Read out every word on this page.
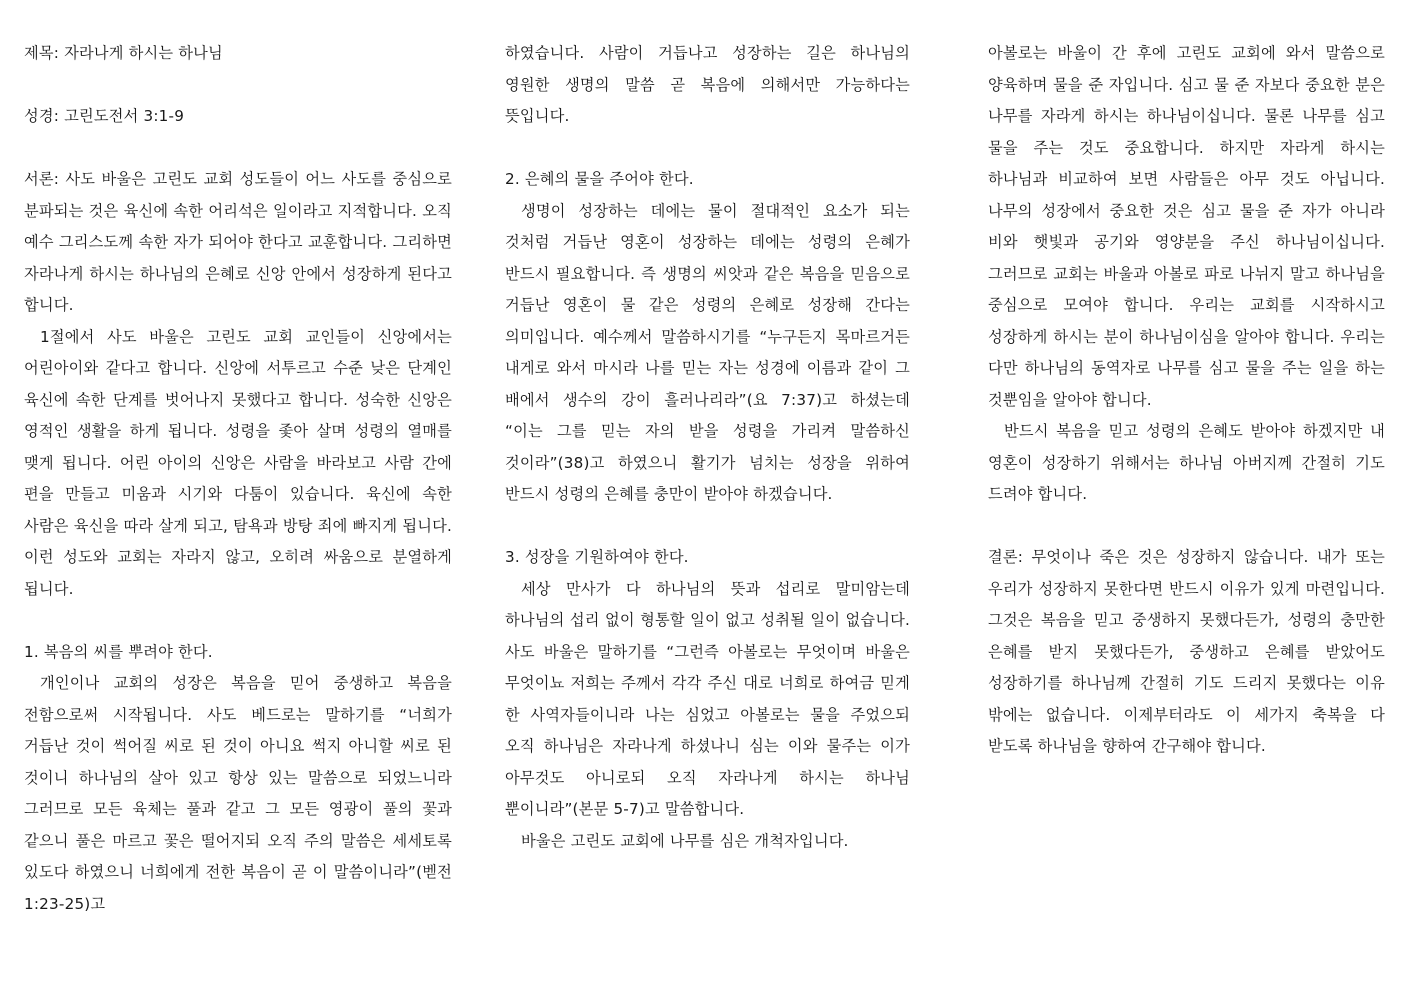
제목: 자라나게 하시는 하나님

성경: 고린도전서 3:1-9

서론: 사도 바울은 고린도 교회 성도들이 어느 사도를 중심으로 분파되는 것은 육신에 속한 어리석은 일이라고 지적합니다. 오직 예수 그리스도께 속한 자가 되어야 한다고 교훈합니다. 그리하면 자라나게 하시는 하나님의 은혜로 신앙 안에서 성장하게 된다고 합니다.

1절에서 사도 바울은 고린도 교회 교인들이 신앙에서는 어린아이와 같다고 합니다. 신앙에 서투르고 수준 낮은 단계인 육신에 속한 단계를 벗어나지 못했다고 합니다. 성숙한 신앙은 영적인 생활을 하게 됩니다. 성령을 좇아 살며 성령의 열매를 맺게 됩니다. 어린 아이의 신앙은 사람을 바라보고 사람 간에 편을 만들고 미움과 시기와 다툼이 있습니다. 육신에 속한 사람은 육신을 따라 살게 되고, 탐욕과 방탕 죄에 빠지게 됩니다. 이런 성도와 교회는 자라지 않고, 오히려 싸움으로 분열하게 됩니다.

1. 복음의 씨를 뿌려야 한다.

개인이나 교회의 성장은 복음을 믿어 중생하고 복음을 전함으로써 시작됩니다. 사도 베드로는 말하기를 “너희가 거듭난 것이 썩어질 씨로 된 것이 아니요 썩지 아니할 씨로 된 것이니 하나님의 살아 있고 항상 있는 말씀으로 되었느니라 그러므로 모든 육체는 풀과 같고 그 모든 영광이 풀의 꽃과 같으니 풀은 마르고 꽃은 떨어지되 오직 주의 말씀은 세세토록 있도다 하였으니 너희에게 전한 복음이 곧 이 말씀이니라”(벧전 1:23-25)고

하였습니다. 사람이 거듭나고 성장하는 길은 하나님의 영원한 생명의 말씀 곧 복음에 의해서만 가능하다는 뜻입니다.

2. 은혜의 물을 주어야 한다.

생명이 성장하는 데에는 물이 절대적인 요소가 되는 것처럼 거듭난 영혼이 성장하는 데에는 성령의 은혜가 반드시 필요합니다. 즉 생명의 씨앗과 같은 복음을 믿음으로 거듭난 영혼이 물 같은 성령의 은혜로 성장해 간다는 의미입니다. 예수께서 말씀하시기를 “누구든지 목마르거든 내게로 와서 마시라 나를 믿는 자는 성경에 이름과 같이 그 배에서 생수의 강이 흘러나리라”(요 7:37)고 하셨는데 “이는 그를 믿는 자의 받을 성령을 가리켜 말씀하신 것이라”(38)고 하였으니 활기가 넘치는 성장을 위하여 반드시 성령의 은혜를 충만이 받아야 하겠습니다.

3. 성장을 기원하여야 한다.

세상 만사가 다 하나님의 뜻과 섭리로 말미암는데 하나님의 섭리 없이 형통할 일이 없고 성취될 일이 없습니다. 사도 바울은 말하기를 “그런즉 아볼로는 무엇이며 바울은 무엇이뇨 저희는 주께서 각각 주신 대로 너희로 하여금 믿게 한 사역자들이니라 나는 심었고 아볼로는 물을 주었으되 오직 하나님은 자라나게 하셨나니 심는 이와 물주는 이가 아무것도 아니로되 오직 자라나게 하시는 하나님 뿐이니라”(본문 5-7)고 말씀합니다.

바울은 고린도 교회에 나무를 심은 개척자입니다.

아볼로는 바울이 간 후에 고린도 교회에 와서 말씀으로 양육하며 물을 준 자입니다. 심고 물 준 자보다 중요한 분은 나무를 자라게 하시는 하나님이십니다. 물론 나무를 심고 물을 주는 것도 중요합니다. 하지만 자라게 하시는 하나님과 비교하여 보면 사람들은 아무 것도 아닙니다. 나무의 성장에서 중요한 것은 심고 물을 준 자가 아니라 비와 햇빛과 공기와 영양분을 주신 하나님이십니다. 그러므로 교회는 바울과 아볼로 파로 나뉘지 말고 하나님을 중심으로 모여야 합니다. 우리는 교회를 시작하시고 성장하게 하시는 분이 하나님이심을 알아야 합니다. 우리는 다만 하나님의 동역자로 나무를 심고 물을 주는 일을 하는 것뿐임을 알아야 합니다.

반드시 복음을 믿고 성령의 은혜도 받아야 하겠지만 내 영혼이 성장하기 위해서는 하나님 아버지께 간절히 기도 드려야 합니다.

결론: 무엇이나 죽은 것은 성장하지 않습니다. 내가 또는 우리가 성장하지 못한다면 반드시 이유가 있게 마련입니다. 그것은 복음을 믿고 중생하지 못했다든가, 성령의 충만한 은혜를 받지 못했다든가, 중생하고 은혜를 받았어도 성장하기를 하나님께 간절히 기도 드리지 못했다는 이유 밖에는 없습니다. 이제부터라도 이 세가지 축복을 다 받도록 하나님을 향하여 간구해야 합니다.
